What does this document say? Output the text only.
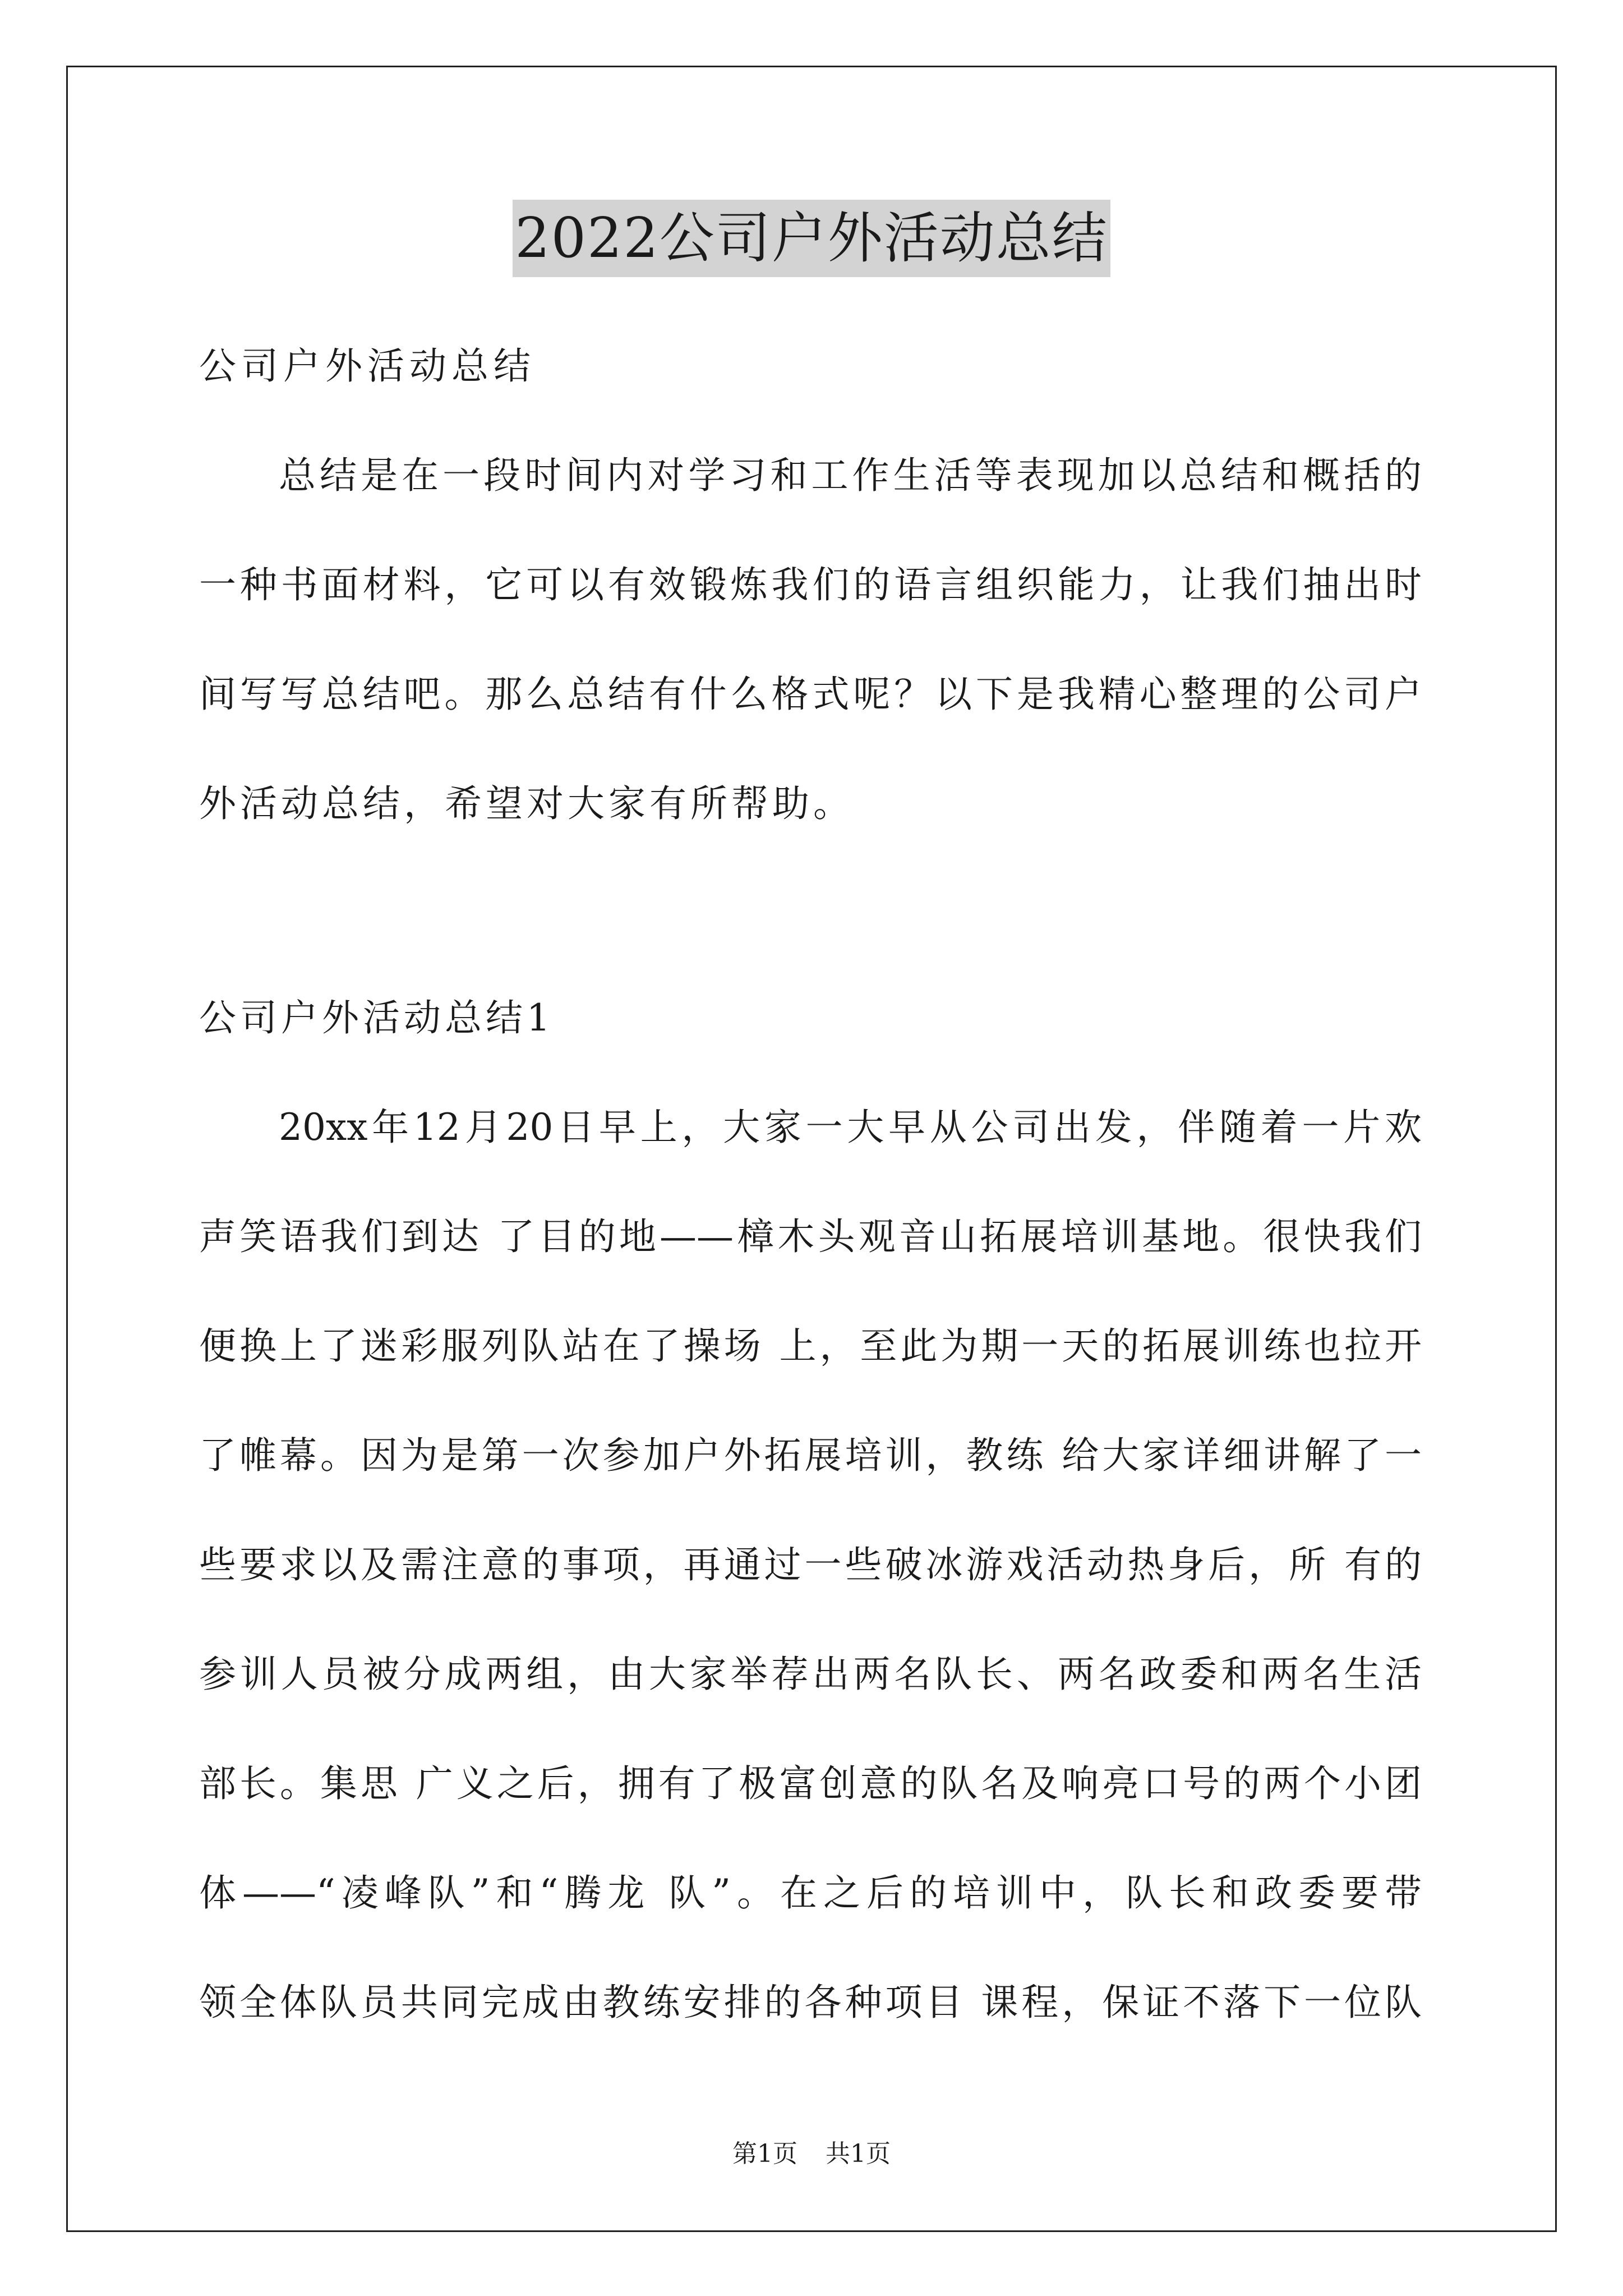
2022公司户外活动总结
公司户外活动总结
总结是在一段时间内对学习和工作生活等表现加以总结和概括的
一种书面材料，它可以有效锻炼我们的语言组织能力，让我们抽出时
间写写总结吧。那么总结有什么格式呢？以下是我精心整理的公司户
外活动总结，希望对大家有所帮助。
公司户外活动总结1
20xx年12月20日早上，大家一大早从公司出发，伴随着一片欢
声笑语我们到达 了目的地——樟木头观音山拓展培训基地。很快我们
便换上了迷彩服列队站在了操场 上，至此为期一天的拓展训练也拉开
了帷幕。因为是第一次参加户外拓展培训，教练 给大家详细讲解了一
些要求以及需注意的事项，再通过一些破冰游戏活动热身后，所 有的
参训人员被分成两组，由大家举荐出两名队长、两名政委和两名生活
部长。集思 广义之后，拥有了极富创意的队名及响亮口号的两个小团
体——“凌峰队”和“腾龙 队”。在之后的培训中，队长和政委要带
领全体队员共同完成由教练安排的各种项目 课程，保证不落下一位队
第1页 共1页
